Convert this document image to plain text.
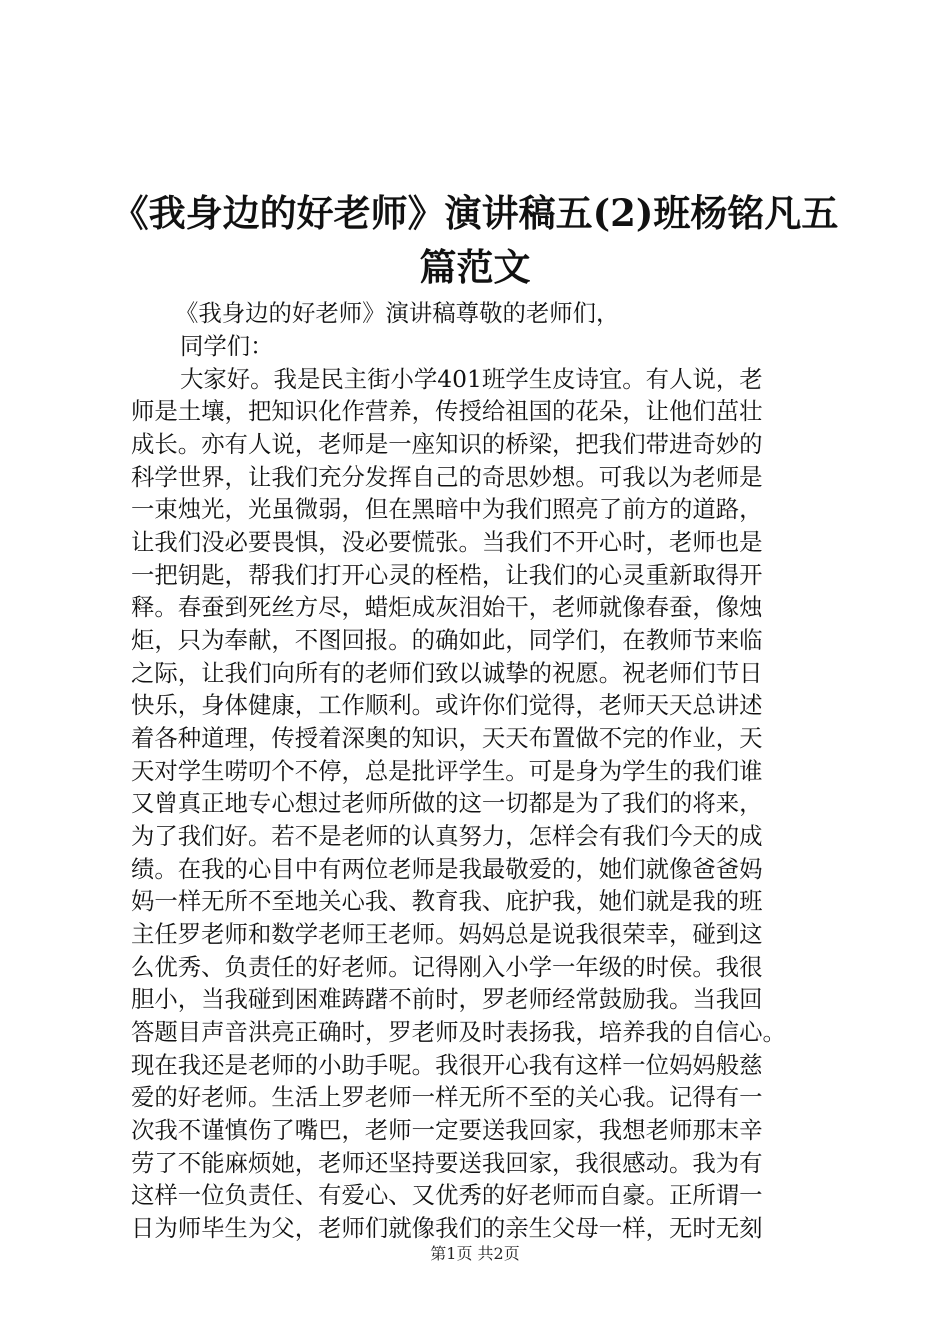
《我身边的好老师》演讲稿五(2)班杨铭凡五
篇范文
《我身边的好老师》演讲稿尊敬的老师们，
同学们：
大家好。我是民主街小学401班学生皮诗宜。有人说，老
师是土壤，把知识化作营养，传授给祖国的花朵，让他们茁壮
成长。亦有人说，老师是一座知识的桥梁，把我们带进奇妙的
科学世界，让我们充分发挥自己的奇思妙想。可我以为老师是
一束烛光，光虽微弱，但在黑暗中为我们照亮了前方的道路，
让我们没必要畏惧，没必要慌张。当我们不开心时，老师也是
一把钥匙，帮我们打开心灵的桎梏，让我们的心灵重新取得开
释。春蚕到死丝方尽，蜡炬成灰泪始干，老师就像春蚕，像烛
炬，只为奉献，不图回报。的确如此，同学们，在教师节来临
之际，让我们向所有的老师们致以诚挚的祝愿。祝老师们节日
快乐，身体健康，工作顺利。或许你们觉得，老师天天总讲述
着各种道理，传授着深奥的知识，天天布置做不完的作业，天
天对学生唠叨个不停，总是批评学生。可是身为学生的我们谁
又曾真正地专心想过老师所做的这一切都是为了我们的将来，
为了我们好。若不是老师的认真努力，怎样会有我们今天的成
绩。在我的心目中有两位老师是我最敬爱的，她们就像爸爸妈
妈一样无所不至地关心我、教育我、庇护我，她们就是我的班
主任罗老师和数学老师王老师。妈妈总是说我很荣幸，碰到这
么优秀、负责任的好老师。记得刚入小学一年级的时侯。我很
胆小，当我碰到困难踌躇不前时，罗老师经常鼓励我。当我回
答题目声音洪亮正确时，罗老师及时表扬我，培养我的自信心。
现在我还是老师的小助手呢。我很开心我有这样一位妈妈般慈
爱的好老师。生活上罗老师一样无所不至的关心我。记得有一
次我不谨慎伤了嘴巴，老师一定要送我回家，我想老师那末辛
劳了不能麻烦她，老师还坚持要送我回家，我很感动。我为有
这样一位负责任、有爱心、又优秀的好老师而自豪。正所谓一
日为师毕生为父，老师们就像我们的亲生父母一样，无时无刻
第1页 共2页
